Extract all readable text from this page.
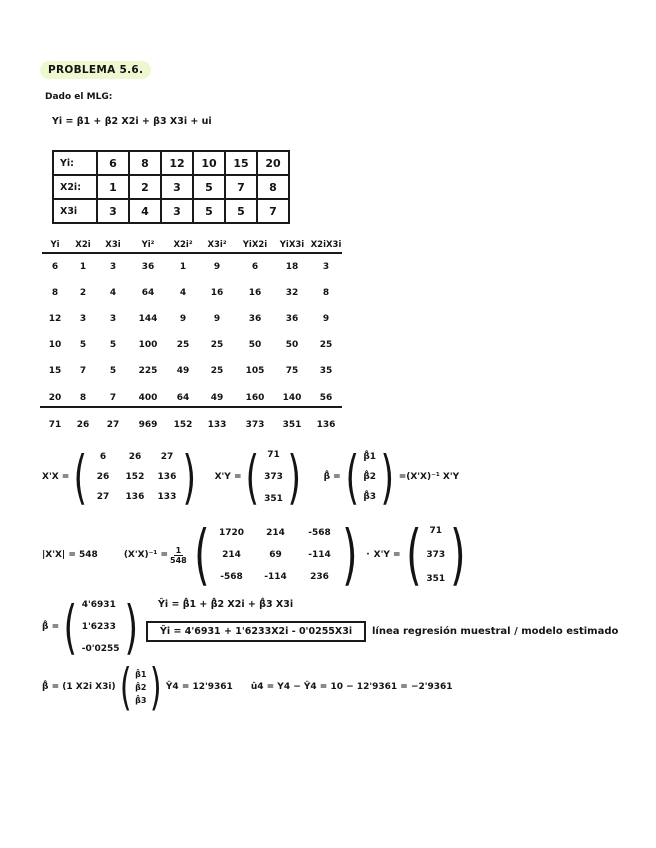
PROBLEMA 5.6.
Dado el MLG:
Yi = β1 + β2 X2i + β3 X3i + ui
Yi:	6	8	12	10	15	20
X2i:	1	2	3	5	7	8
X3i	3	4	3	5	5	7
Yi	X2i	X3i	Yi²	X2i²	X3i²	YiX2i	YiX3i X2iX3i
6	1	3	36	1	9	6	18	3
8	2	4	64	4	16	16	32	8
12	3	3	144	9	9	36	36	9
10	5	5	100	25	25	50	50	25
15	7	5	225	49	25	105	75	35
20	8	7	400	64	49	160	140	56
71	26	27	969	152	133	373	351	136
X'X = (	6	26	27
26	152 136
27	136 133 ) X'Y = ( 71
373
351 )	β̂ = ( β̂1
β̂2
β̂3 ) =(X'X)⁻¹ X'Y
|X'X| = 548	$(X'X)^{-1} = \frac{1}{548}$ (	1720	214	-568
214	69	-114
-568	-114	236 ) · X'Y = ( 71
373
351 )
β̂ = ( 4'6931
1'6233
-0'0255 ) Ŷi = β̂1 + β̂2 X2i + β̂3 X3i
Ŷi = 4'6931 + 1'6233X2i - 0'0255X3i	línea regresión muestral / modelo estimado
β̂ = (1 X2i X3i) ( β̂1
β̂2
β̂3 ) Ŷ4 = 12'9361 û4 = Y4 − Ŷ4 = 10 − 12'9361 = −2'9361
